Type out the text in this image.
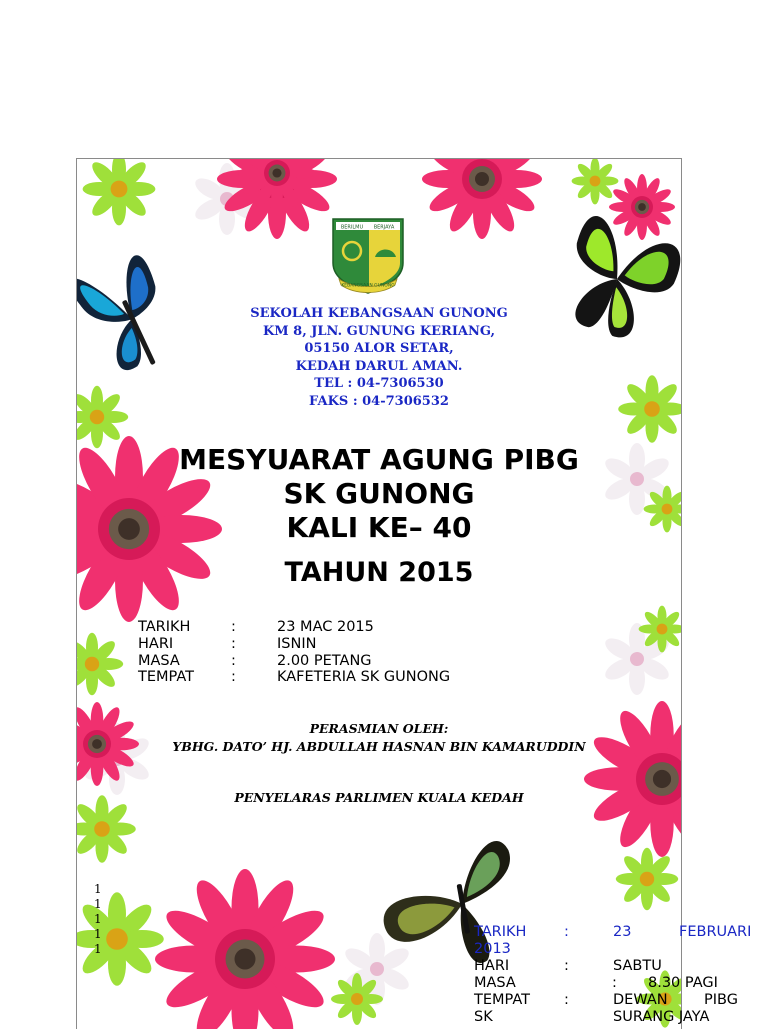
BERILMU BERJAYA
KEBANGSAAN GUNONG
SEKOLAH KEBANGSAAN GUNONG
KM 8, JLN. GUNUNG KERIANG,
05150 ALOR SETAR,
KEDAH DARUL AMAN.
TEL : 04-7306530
FAKS : 04-7306532
MESYUARAT AGUNG PIBG
SK GUNONG
KALI KE– 40
TAHUN 2015
TARIKH	:	23 MAC 2015
HARI	:	ISNIN
MASA	:	2.00 PETANG
TEMPAT	:	KAFETERIA SK GUNONG
PERASMIAN OLEH:
YBHG. DATO’ HJ. ABDULLAH HASNAN BIN KAMARUDDIN
PENYELARAS PARLIMEN KUALA KEDAH
1
1
1
1
1
TARIKH	:	23	FEBRUARI
2013
HARI	:	SABTU
MASA	: 8.30 PAGI
TEMPAT :	DEWAN	PIBG
SK	SURANG JAYA
